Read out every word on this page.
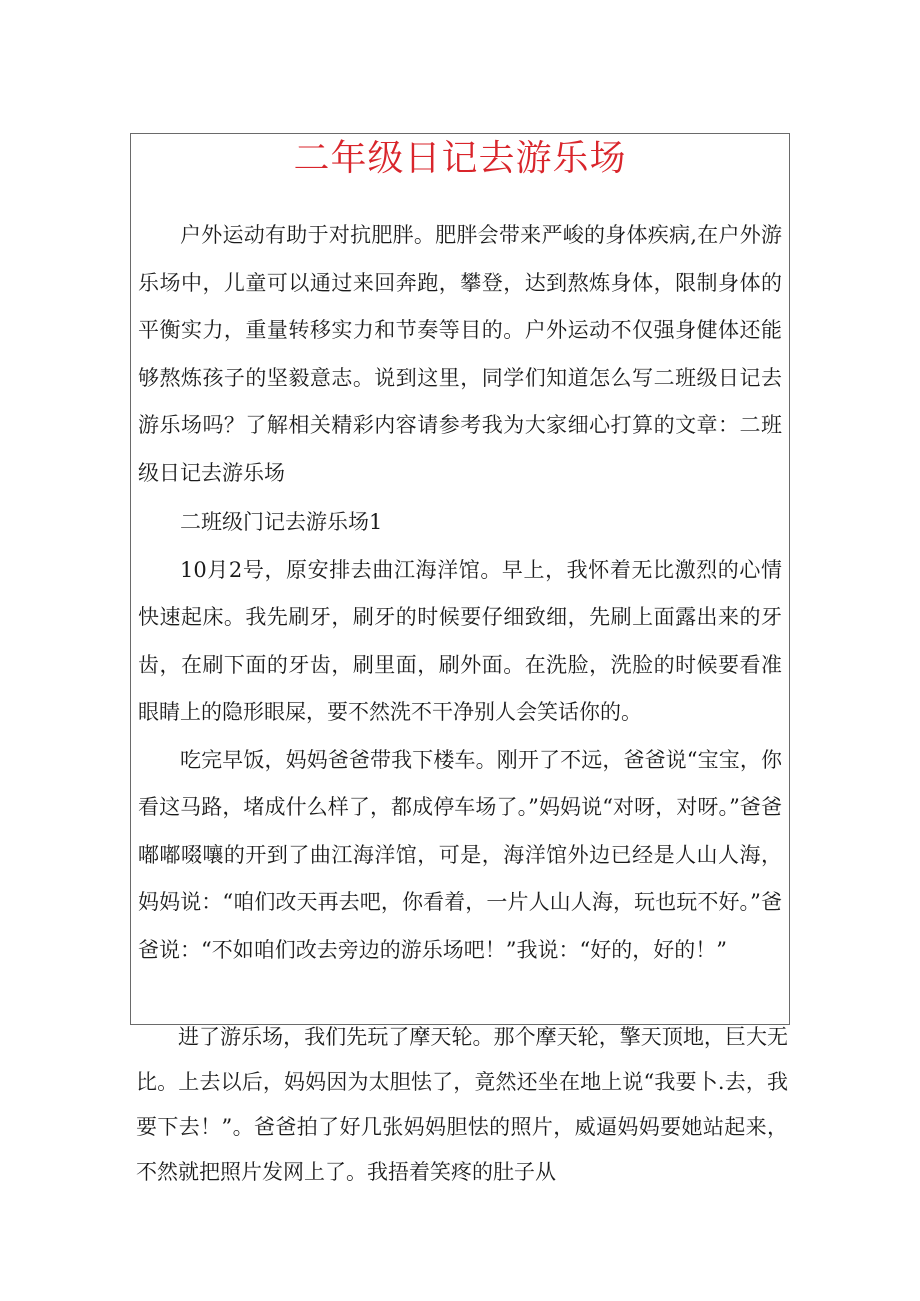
二年级日记去游乐场

户外运动有助于对抗肥胖。肥胖会带来严峻的身体疾病,在户外游乐场中，儿童可以通过来回奔跑，攀登，达到熬炼身体，限制身体的平衡实力，重量转移实力和节奏等目的。户外运动不仅强身健体还能够熬炼孩子的坚毅意志。说到这里，同学们知道怎么写二班级日记去游乐场吗？了解相关精彩内容请参考我为大家细心打算的文章：二班级日记去游乐场

二班级门记去游乐场1

10月2号，原安排去曲江海洋馆。早上，我怀着无比激烈的心情快速起床。我先刷牙，刷牙的时候要仔细致细，先刷上面露出来的牙齿，在刷下面的牙齿，刷里面，刷外面。在洗脸，洗脸的时候要看准眼睛上的隐形眼屎，要不然洗不干净别人会笑话你的。

吃完早饭，妈妈爸爸带我下楼车。刚开了不远，爸爸说“宝宝，你看这马路，堵成什么样了，都成停车场了。”妈妈说“对呀，对呀。”爸爸嘟嘟啜嚷的开到了曲江海洋馆，可是，海洋馆外边已经是人山人海，妈妈说：“咱们改天再去吧，你看着，一片人山人海，玩也玩不好。”爸爸说：“不如咱们改去旁边的游乐场吧！”我说：“好的，好的！”

进了游乐场，我们先玩了摩天轮。那个摩天轮，擎天顶地，巨大无比。上去以后，妈妈因为太胆怯了，竟然还坐在地上说“我要卜.去，我要下去！”。爸爸拍了好几张妈妈胆怯的照片，威逼妈妈要她站起来，不然就把照片发网上了。我捂着笑疼的肚子从
